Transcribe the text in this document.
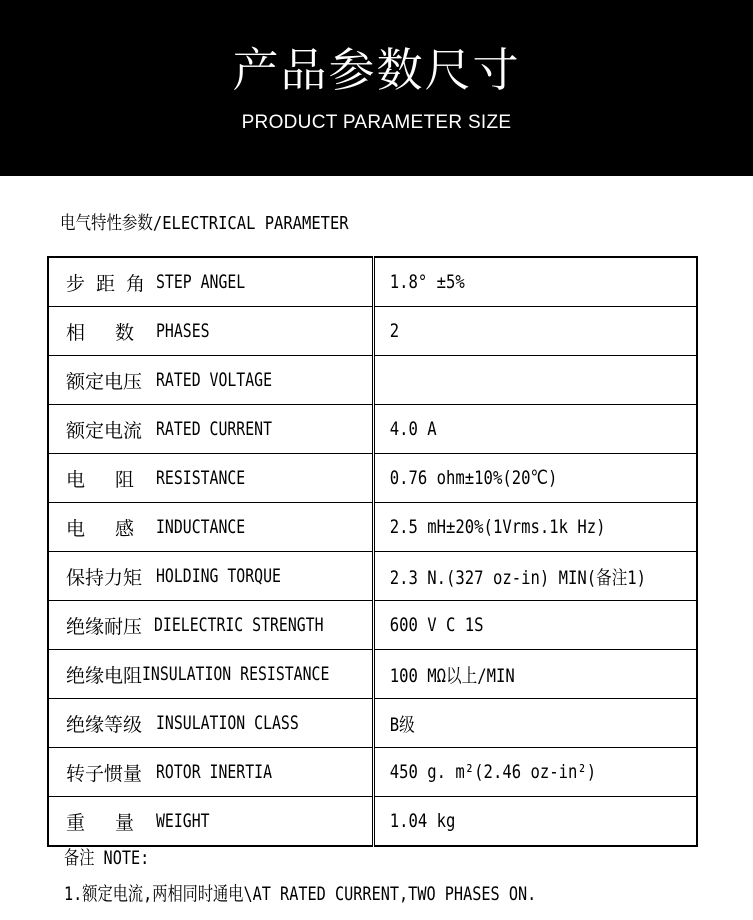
产品参数尺寸
PRODUCT PARAMETER SIZE
电气特性参数/ELECTRICAL PARAMETER
步距角 STEP ANGEL	1.8° ±5%

相数
PHASES	2

额定电压 RATED VOLTAGE	

额定电流 RATED CURRENT	4.0 A

电阻
RESISTANCE	0.76 ohm±10%(20℃)

电感
INDUCTANCE	2.5 mH±20%(1Vrms.1k Hz)

保持力矩 HOLDING TORQUE	2.3 N.(327 oz-in) MIN(备注1)

绝缘耐压 DIELECTRIC STRENGTH	600 V C 1S

绝缘电阻 INSULATION RESISTANCE	100 MΩ以上/MIN

绝缘等级 INSULATION CLASS	B级

转子惯量 ROTOR INERTIA	450 g. m²(2.46 oz-in²)

重量
WEIGHT	1.04 kg
备注 NOTE:
1.额定电流,两相同时通电\AT RATED CURRENT,TWO PHASES ON.
